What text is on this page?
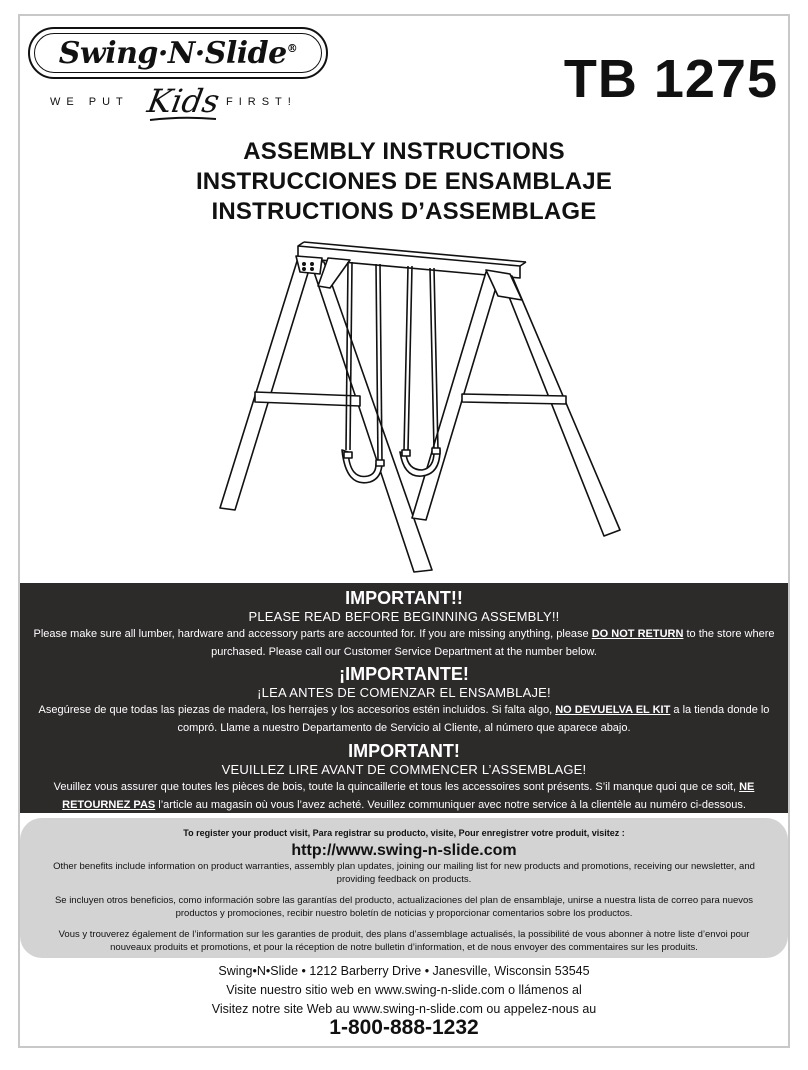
Swing·N·Slide®
WE PUT Kids FIRST!	TB 1275
ASSEMBLY INSTRUCTIONS
INSTRUCCIONES DE ENSAMBLAJE
INSTRUCTIONS D’ASSEMBLAGE
IMPORTANT!!
PLEASE READ BEFORE BEGINNING ASSEMBLY!!
Please make sure all lumber, hardware and accessory parts are accounted for. If you are missing anything, please DO NOT RETURN to the store where purchased. Please call our Customer Service Department at the number below.
¡IMPORTANTE!
¡LEA ANTES DE COMENZAR EL ENSAMBLAJE!
Asegúrese de que todas las piezas de madera, los herrajes y los accesorios estén incluidos. Si falta algo, NO DEVUELVA EL KIT a la tienda donde lo compró. Llame a nuestro Departamento de Servicio al Cliente, al número que aparece abajo.
IMPORTANT!
VEUILLEZ LIRE AVANT DE COMMENCER L’ASSEMBLAGE!
Veuillez vous assurer que toutes les pièces de bois, toute la quincaillerie et tous les accessoires sont présents. S’il manque quoi que ce soit, NE RETOURNEZ PAS l’article au magasin où vous l’avez acheté. Veuillez communiquer avec notre service à la clientèle au numéro ci-dessous.
To register your product visit, Para registrar su producto, visite, Pour enregistrer votre produit, visitez :
http://www.swing-n-slide.com
Other benefits include information on product warranties, assembly plan updates, joining our mailing list for new products and promotions, receiving our newsletter, and providing feedback on products.
Se incluyen otros beneficios, como información sobre las garantías del producto, actualizaciones del plan de ensamblaje, unirse a nuestra lista de correo para nuevos productos y promociones, recibir nuestro boletín de noticias y proporcionar comentarios sobre los productos.
Vous y trouverez également de l’information sur les garanties de produit, des plans d’assemblage actualisés, la possibilité de vous abonner à notre liste d’envoi pour nouveaux produits et promotions, et pour la réception de notre bulletin d’information, et de nous envoyer des commentaires sur les produits.
Swing•N•Slide • 1212 Barberry Drive • Janesville, Wisconsin 53545
Visite nuestro sitio web en www.swing-n-slide.com o llámenos al
Visitez notre site Web au www.swing-n-slide.com ou appelez-nous au
1-800-888-1232
